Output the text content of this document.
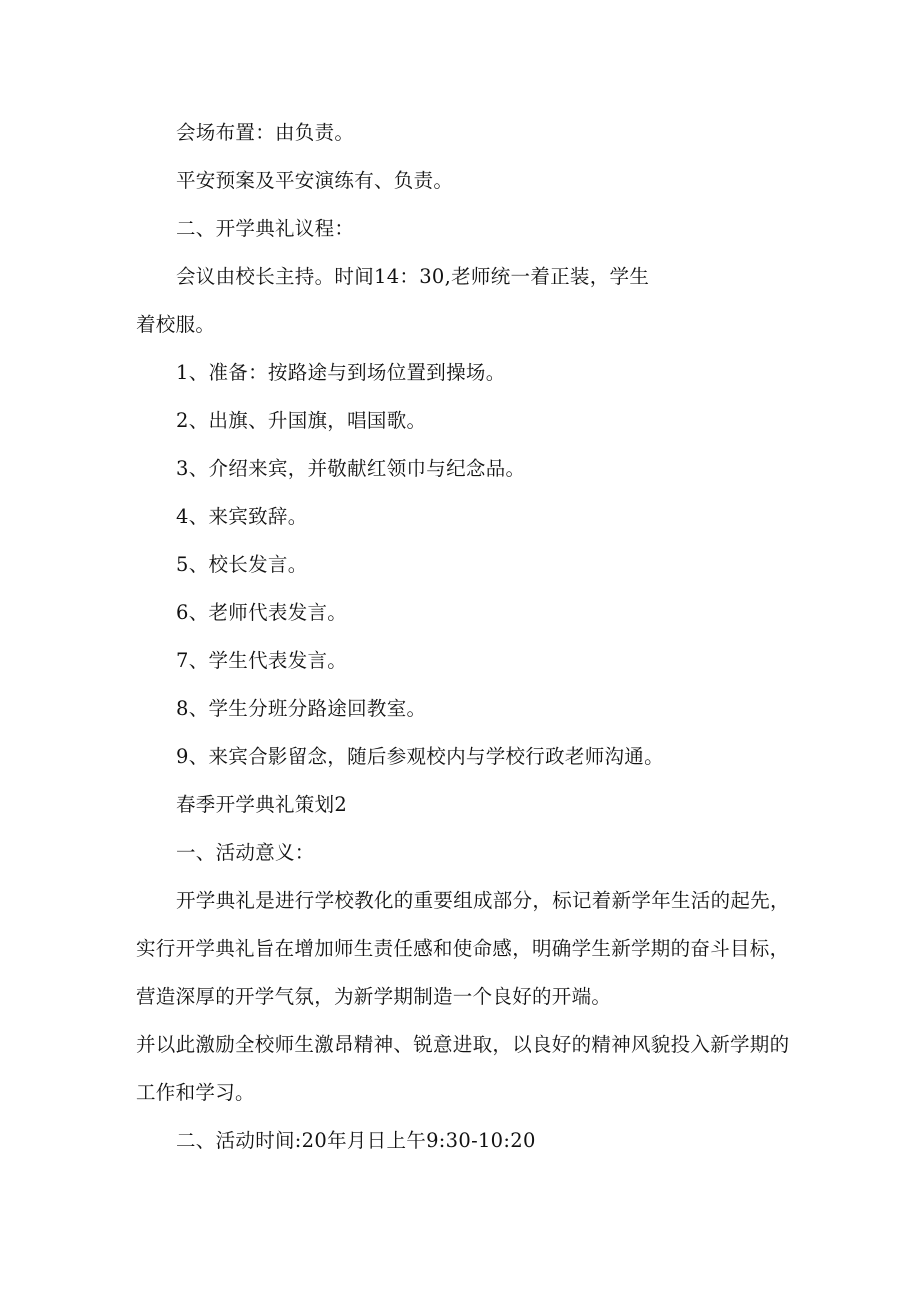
会场布置：由负责。
平安预案及平安演练有、负责。
二、开学典礼议程：
会议由校长主持。时间14：30,老师统一着正装，学生
着校服。
1、准备：按路途与到场位置到操场。
2、出旗、升国旗，唱国歌。
3、介绍来宾，并敬献红领巾与纪念品。
4、来宾致辞。
5、校长发言。
6、老师代表发言。
7、学生代表发言。
8、学生分班分路途回教室。
9、来宾合影留念，随后参观校内与学校行政老师沟通。
春季开学典礼策划2
一、活动意义：
开学典礼是进行学校教化的重要组成部分，标记着新学年生活的起先，
实行开学典礼旨在增加师生责任感和使命感，明确学生新学期的奋斗目标，
营造深厚的开学气氛，为新学期制造一个良好的开端。
并以此激励全校师生激昂精神、锐意进取，以良好的精神风貌投入新学期的
工作和学习。
二、活动时间:20年月日上午9:30-10:20
